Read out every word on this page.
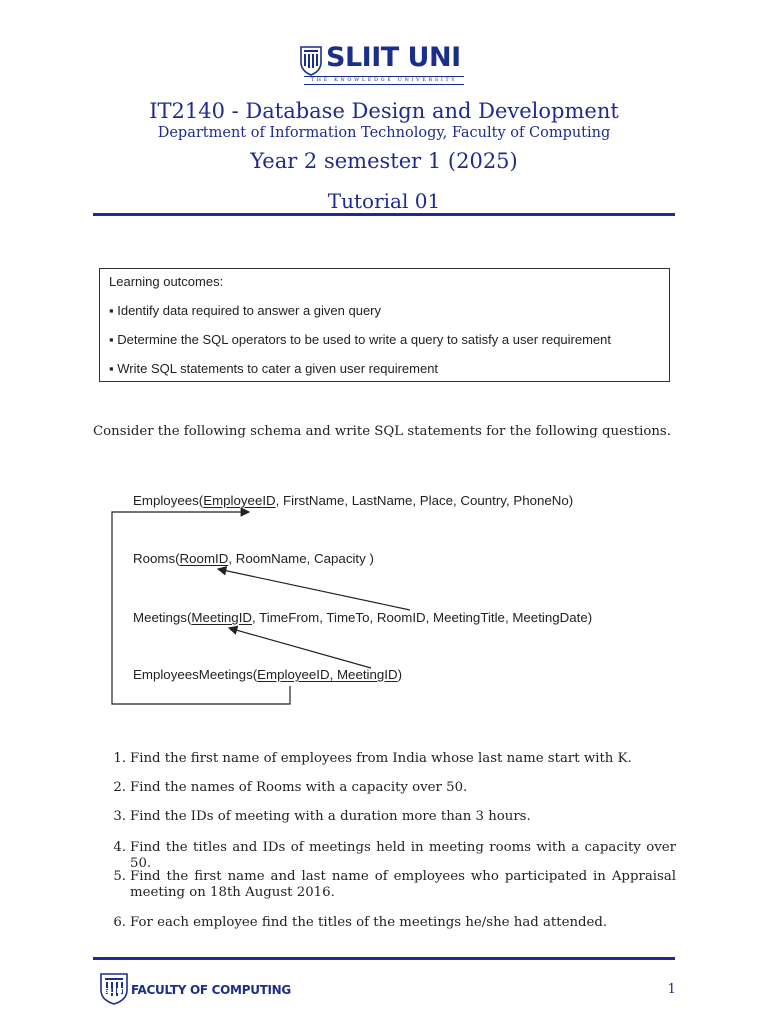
SLIIT UNI
THE KNOWLEDGE UNIVERSITY
IT2140 - Database Design and Development
Department of Information Technology, Faculty of Computing
Year 2 semester 1 (2025)
Tutorial 01
Learning outcomes:
▪ Identify data required to answer a given query
▪ Determine the SQL operators to be used to write a query to satisfy a user requirement
▪ Write SQL statements to cater a given user requirement
Consider the following schema and write SQL statements for the following questions.
Employees(EmployeeID, FirstName, LastName, Place, Country, PhoneNo)
Rooms(RoomID, RoomName, Capacity )
Meetings(MeetingID, TimeFrom, TimeTo, RoomID, MeetingTitle, MeetingDate)
EmployeesMeetings(EmployeeID, MeetingID)
1. Find the first name of employees from India whose last name start with K.
2. Find the names of Rooms with a capacity over 50.
3. Find the IDs of meeting with a duration more than 3 hours.
4. Find the titles and IDs of meetings held in meeting rooms with a capacity over 50.
5. Find the first name and last name of employees who participated in Appraisal meeting on 18th August 2016.
6. For each employee find the titles of the meetings he/she had attended.
SLIIT FACULTY OF COMPUTING	1
